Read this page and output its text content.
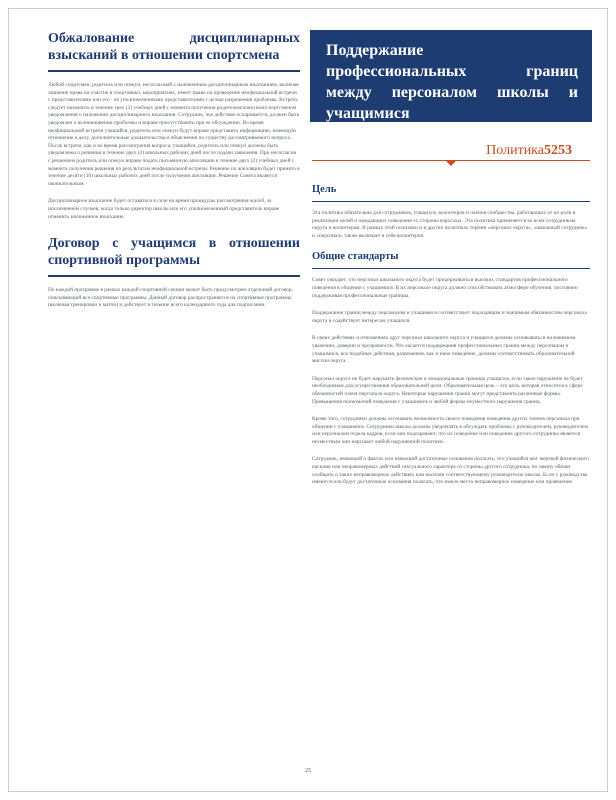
Обжалование дисциплинарных
взысканий в отношении спортсмена

Любой спортсмен, родитель или опекун, несогласный с наложенным дисциплинарным взысканием, включая лишение права на участие в спортивных мероприятиях, имеет право на проведение неофициальной встречи с представителями или его · её уполномоченными представителями с целью разрешения проблемы. Встречу следует назначить в течение трех (3) учебных дней с момента получения родителем/опекуном/спортсменом уведомления о наложении дисциплинарного взыскания. Сотрудник, чье действие оспаривается, должен быть уведомлен о возникновении проблемы и вправе присутствовать при ее обсуждении. Во время неофициальной встречи учащийся, родитель или опекун будут вправе представить информацию, имеющую отношение к делу, дополнительные доказательства и объяснения по существу рассматриваемого вопроса. После встречи, как и во время рассмотрения вопроса, учащийся, родитель или опекун должны быть уведомлены о решении в течение двух (2) школьных рабочих дней после подачи заявления. При несогласии с решением родитель или опекун вправе подать письменную апелляцию в течение двух (2) учебных дней с момента получения решения по результатам неофициальной встречи. Решение по апелляции будет принято в течение десяти (10) школьных рабочих дней после получения апелляции. Решение Совета является окончательным.

Дисциплинарное взыскание будет оставаться в силе на время процедуры рассмотрения жалоб, за исключением случаев, когда только директор школы или его уполномоченный представитель вправе отменить наложенное взыскание.

Договор с учащимся в отношении
спортивной программы

По каждой программе в рамках каждой спортивной секции может быть предусмотрен отдельный договор, описывающий все спортивные программы. Данный договор распространяется на спортивные программы (включая тренировки и матчи) и действует в течение всего календарного года для подписания.

Поддержание
профессиональных границ
между персоналом школы и
учащимися
Политика5253
Цель

Эта политика обязательна для сотрудников, учащихся, волонтеров и членов сообщества, работающих от их роли в реализации целей и ожидающих поведения со стороны взрослых. Эта политика применяется ко всем сотрудникам округа и волонтерам. В рамках этой политики и в других политиках термин «персонал округа», «школьный сотрудник» и «персонал» также включает в себя волонтеров.

Общие стандарты

Совет ожидает, что персонал школьного округа будет придерживаться высоких стандартов профессионального поведения в общении с учащимися. В их персонале округа должно способствовать атмосфере обучения, постоянно поддерживая профессиональные границы.

Поддержание границ между персоналом и учащимися соответствует подходящим и значимым обязанностям персонала округа и содействует интересам учащихся.

В своих действиях и отношениях друг персонал школьного округа и учащиеся должны основываться на взаимном уважении, доверии и прозрачности. Что касается поддержания профессиональных границ между персоналом и учащимися, все подобные действия, разрешения, как и иное поведение, должны соответствовать образовательной миссии округа.

Персонал округа не будет нарушать физические и эмоциональные границы учащихся, если такое нарушение не будет необходимым для осуществления образовательной цели. Образовательная цель – это цель, которая относится к сфере обязанностей члена персонала округа. Некоторые нарушения границ могут представлять различные формы. Превышения полномочий поведения с учащимися и любой формы неуместного нарушения границ.

Кроме того, сотрудники должны осознавать возможность своего поведения поведения других членов персонала при общении с учащимися. Сотрудники школы должны уведомлять в обсуждать проблемы с руководителем, руководителем или персоналом отдела кадров, если они подозревают, что их поведение или поведение другого сотрудника является неуместным или нарушает любой нарушенной политики.

Сотрудник, имеющий о фактах или имеющий достаточные основания полагать, что учащийся мог жертвой физического насилия или неправомерных действий сексуального характера со стороны другого сотрудника, по закону обязан сообщать о таких неправомерных действиях или насилии соответствующему руководителю школы. Если у руководства имеются или будут достаточные основания полагать, что имело место неправомерное поведение или проявление

25
